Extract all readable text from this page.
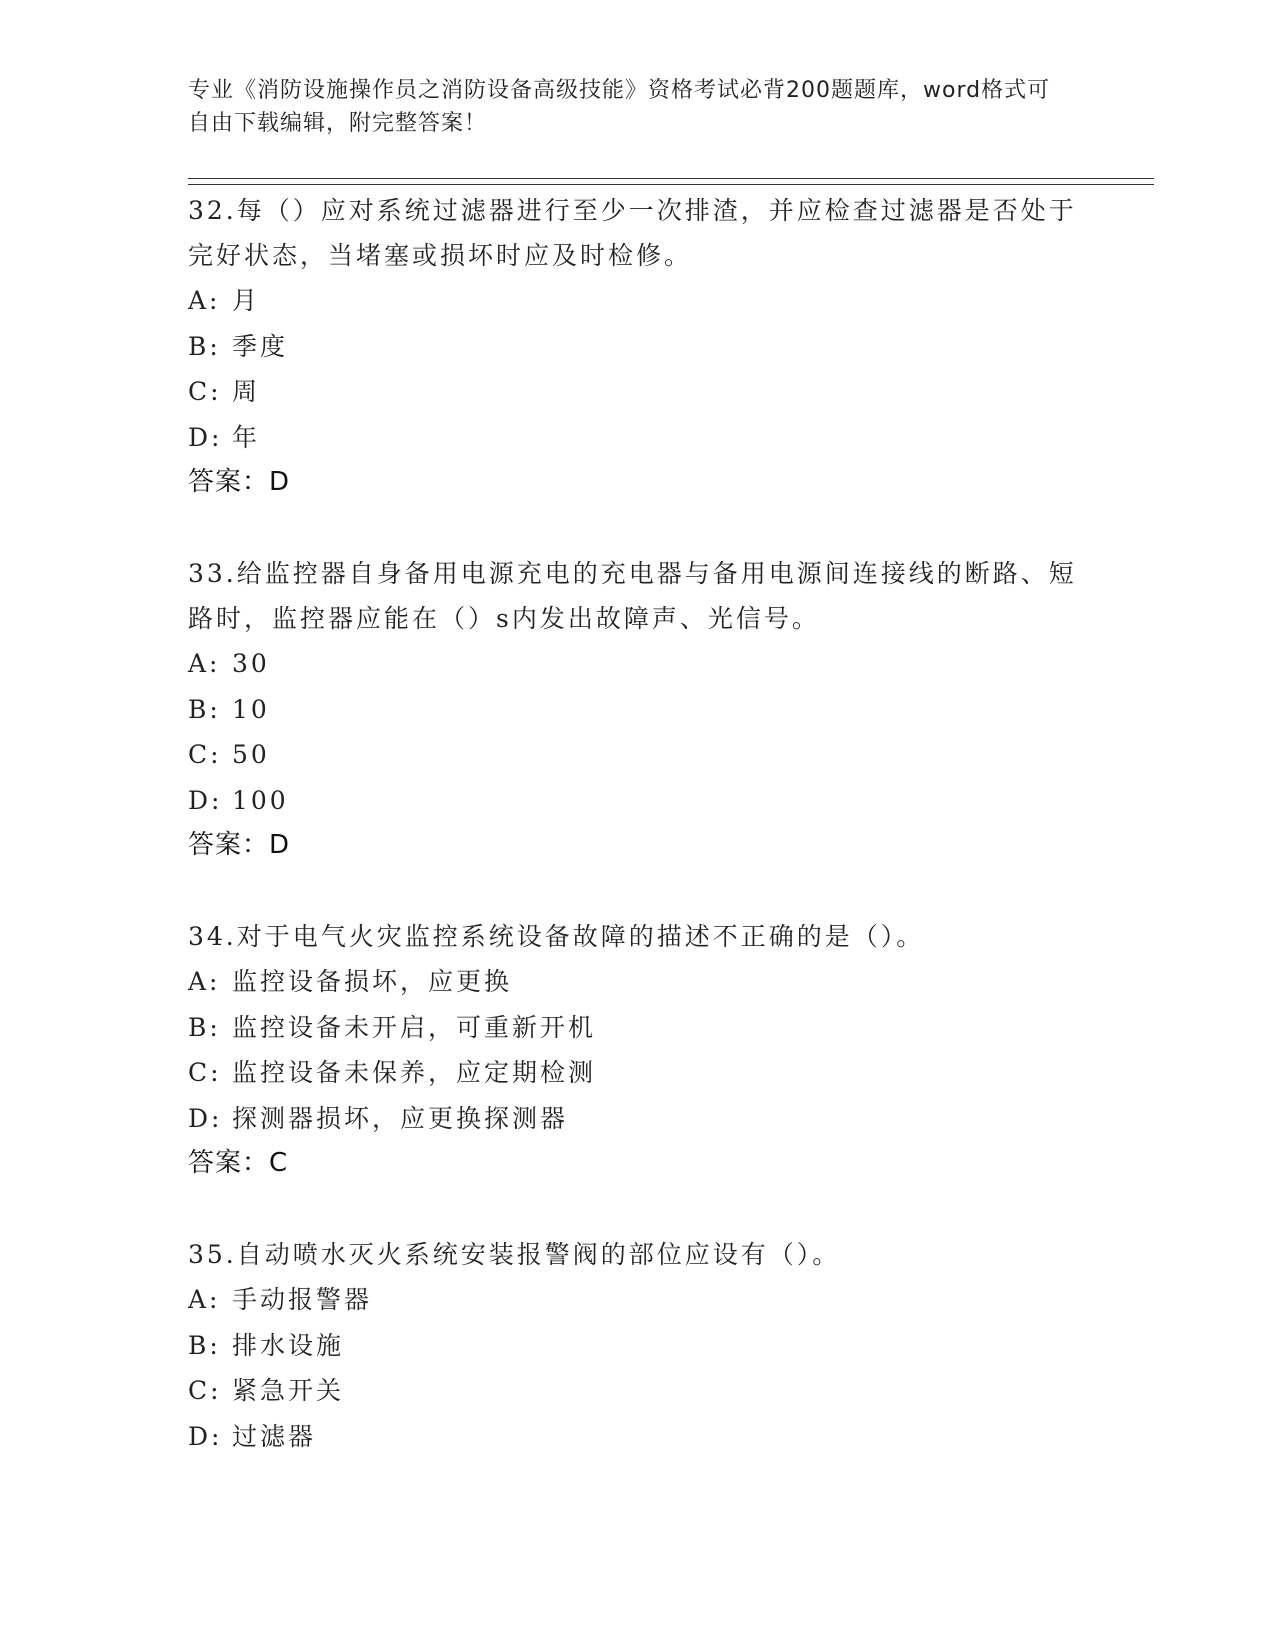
专业《消防设施操作员之消防设备高级技能》资格考试必背200题题库，word格式可自由下载编辑，附完整答案！

32.每（）应对系统过滤器进行至少一次排渣，并应检查过滤器是否处于完好状态，当堵塞或损坏时应及时检修。

A: 月

B: 季度

C: 周

D: 年

答案：D

33.给监控器自身备用电源充电的充电器与备用电源间连接线的断路、短路时，监控器应能在（）s内发出故障声、光信号。

A: 30

B: 10

C: 50

D: 100

答案：D

34.对于电气火灾监控系统设备故障的描述不正确的是（）。

A: 监控设备损坏，应更换

B: 监控设备未开启，可重新开机

C: 监控设备未保养，应定期检测

D: 探测器损坏，应更换探测器

答案：C

35.自动喷水灭火系统安装报警阀的部位应设有（）。

A: 手动报警器

B: 排水设施

C: 紧急开关

D: 过滤器
